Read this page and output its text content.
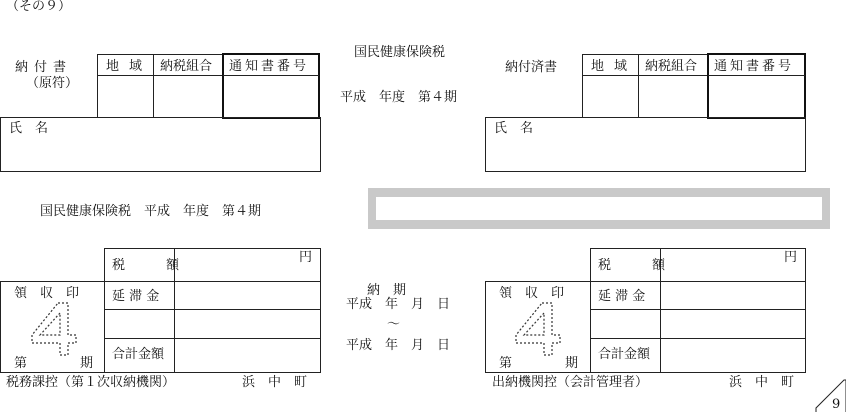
（その９）
納付書
（原符）
地域 納税組合 通知書番号
氏　名
国民健康保険税
平成　年度　第４期
納付済書	地域 納税組合 通知書番号
氏　名
国民健康保険税　平成　年度　第４期
領　収　印
第	期
税　額
円
延 滞 金
合計金額
納　期
平成　年　月　日
〜
平成　年　月　日
領　収　印
第	期
税　額
円
延 滞 金
合計金額
税務課控（第１次収納機関）	浜　中　町	出納機関控（会計管理者）	浜　中　町
9
